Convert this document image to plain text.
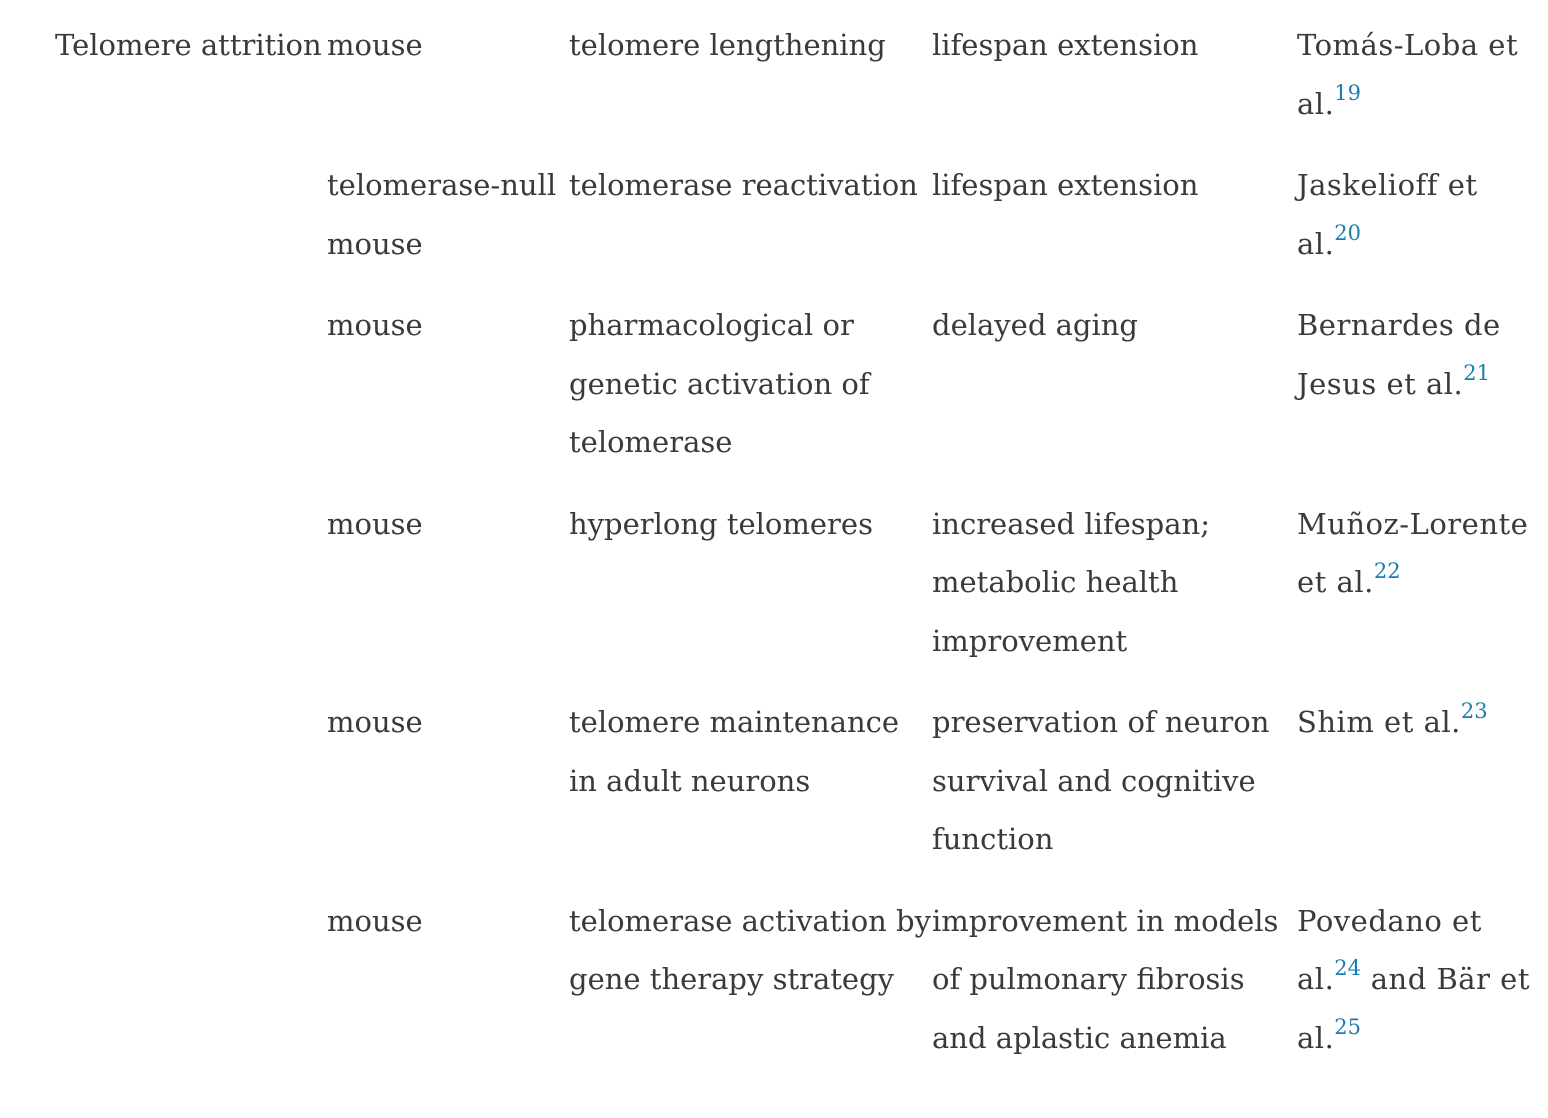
Telomere attrition	mouse	telomere lengthening	lifespan extension	Tomás-Loba et al.$^{19}$
	telomerase-null mouse	telomerase reactivation	lifespan extension	Jaskelioff et al.$^{20}$
	mouse	pharmacological or genetic activation of telomerase	delayed aging	Bernardes de Jesus et al.$^{21}$
	mouse	hyperlong telomeres	increased lifespan; metabolic health improvement	Muñoz-Lorente et al.$^{22}$
	mouse	telomere maintenance in adult neurons	preservation of neuron survival and cognitive function	Shim et al.$^{23}$
	mouse	telomerase activation by gene therapy strategy	improvement in models of pulmonary fibrosis and aplastic anemia	Povedano et al.$^{24}$ and Bär et al.$^{25}$
